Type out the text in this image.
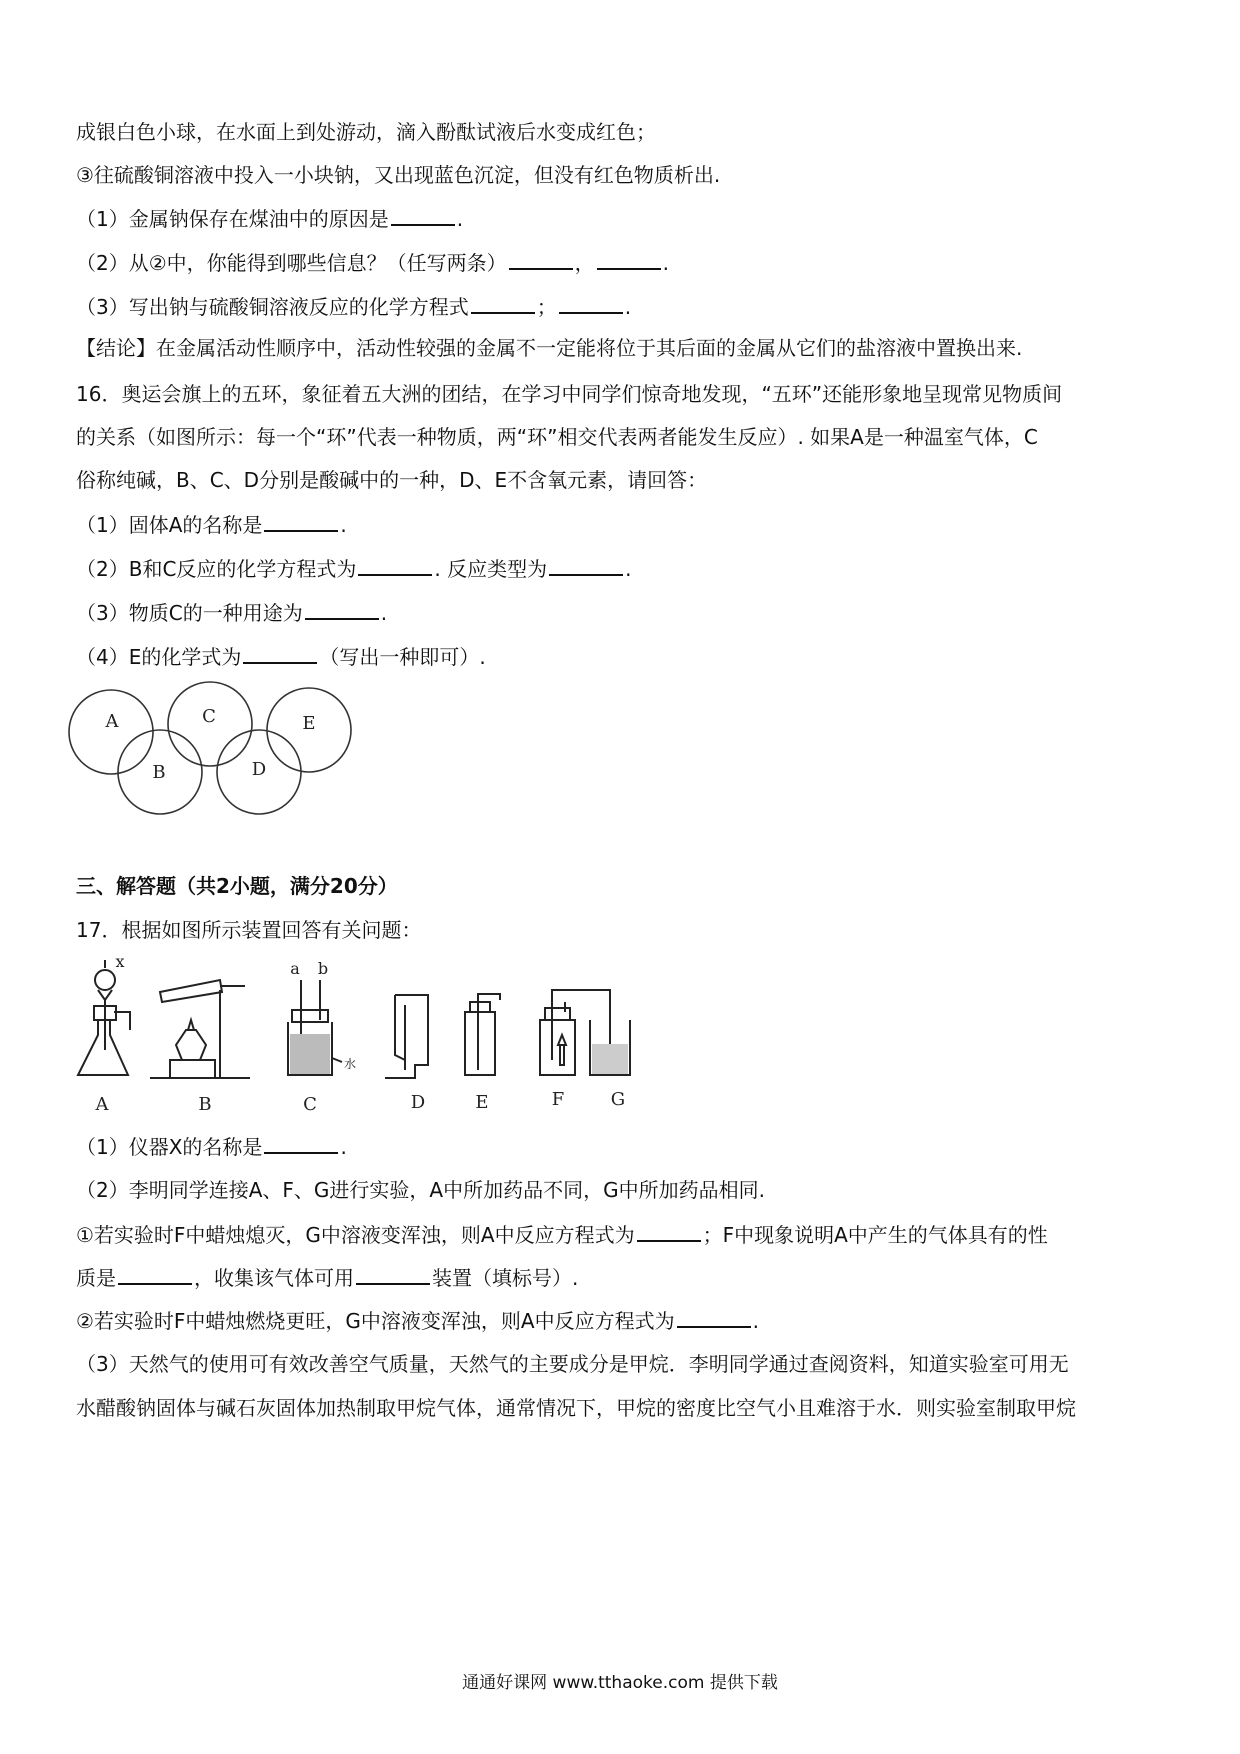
成银白色小球，在水面上到处游动，滴入酚酞试液后水变成红色；
③往硫酸铜溶液中投入一小块钠，又出现蓝色沉淀，但没有红色物质析出.
（1）金属钠保存在煤油中的原因是	.
（2）从②中，你能得到哪些信息？（任写两条）	，	.
（3）写出钠与硫酸铜溶液反应的化学方程式	；	.
【结论】在金属活动性顺序中，活动性较强的金属不一定能将位于其后面的金属从它们的盐溶液中置换出来.
16．奥运会旗上的五环，象征着五大洲的团结，在学习中同学们惊奇地发现，“五环”还能形象地呈现常见物质间
的关系（如图所示：每一个“环”代表一种物质，两“环”相交代表两者能发生反应）. 如果A是一种温室气体，C
俗称纯碱，B、C、D分别是酸碱中的一种，D、E不含氧元素，请回答：
（1）固体A的名称是	.
（2）B和C反应的化学方程式为	. 反应类型为	.
（3）物质C的一种用途为	.
（4）E的化学式为	（写出一种即可）.
A	C	E
B	D
三、解答题（共2小题，满分20分）
17．根据如图所示装置回答有关问题：
A	B	C	D	E	F	G
x	a b
水
（1）仪器X的名称是	.
（2）李明同学连接A、F、G进行实验，A中所加药品不同，G中所加药品相同.
①若实验时F中蜡烛熄灭，G中溶液变浑浊，则A中反应方程式为	；F中现象说明A中产生的气体具有的性
质是	，收集该气体可用	装置（填标号）.
②若实验时F中蜡烛燃烧更旺，G中溶液变浑浊，则A中反应方程式为	.
（3）天然气的使用可有效改善空气质量，天然气的主要成分是甲烷．李明同学通过查阅资料，知道实验室可用无
水醋酸钠固体与碱石灰固体加热制取甲烷气体，通常情况下，甲烷的密度比空气小且难溶于水．则实验室制取甲烷
通通好课网 www.tthaoke.com 提供下载
